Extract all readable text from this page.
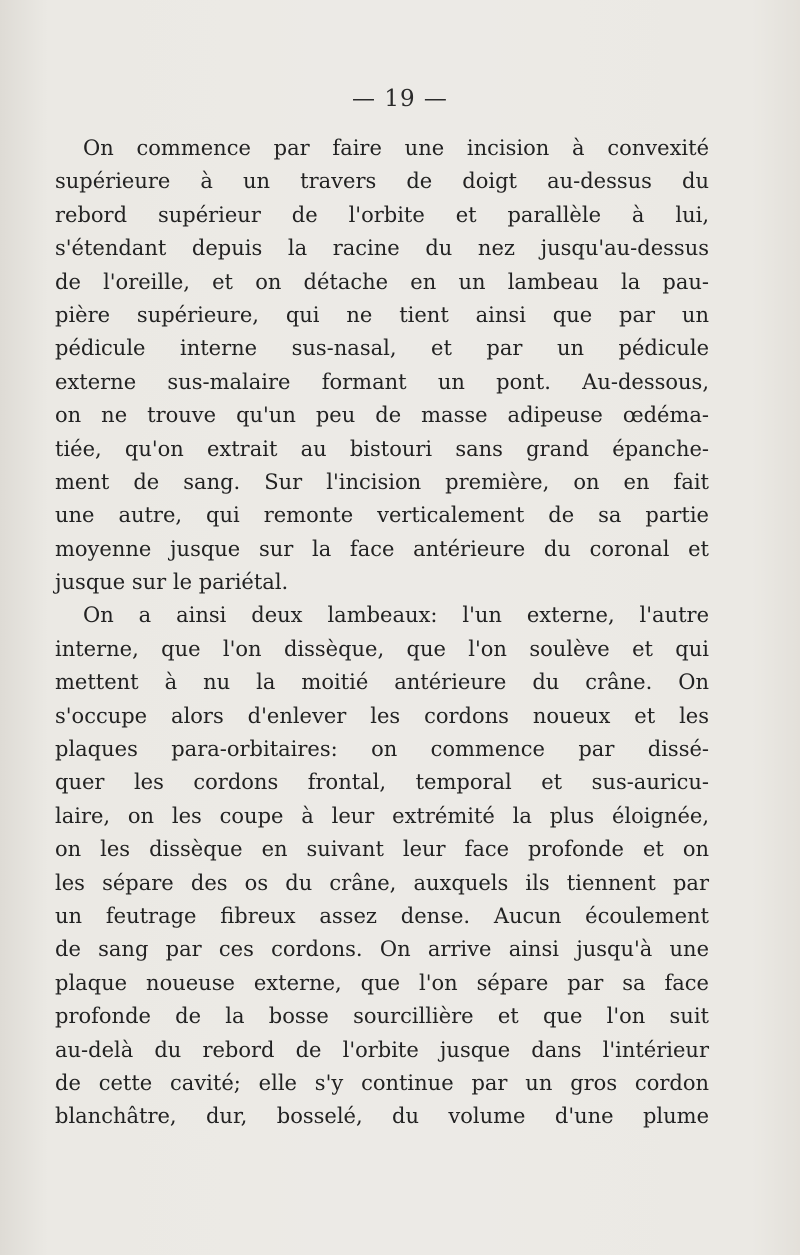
— 19 —
On commence par faire une incision à convexité
supérieure à un travers de doigt au-dessus du
rebord supérieur de l'orbite et parallèle à lui,
s'étendant depuis la racine du nez jusqu'au-dessus
de l'oreille, et on détache en un lambeau la pau-
pière supérieure, qui ne tient ainsi que par un
pédicule interne sus-nasal, et par un pédicule
externe sus-malaire formant un pont. Au-dessous,
on ne trouve qu'un peu de masse adipeuse œdéma-
tiée, qu'on extrait au bistouri sans grand épanche-
ment de sang. Sur l'incision première, on en fait
une autre, qui remonte verticalement de sa partie
moyenne jusque sur la face antérieure du coronal et
jusque sur le pariétal.
On a ainsi deux lambeaux: l'un externe, l'autre
interne, que l'on dissèque, que l'on soulève et qui
mettent à nu la moitié antérieure du crâne. On
s'occupe alors d'enlever les cordons noueux et les
plaques para-orbitaires: on commence par dissé-
quer les cordons frontal, temporal et sus-auricu-
laire, on les coupe à leur extrémité la plus éloignée,
on les dissèque en suivant leur face profonde et on
les sépare des os du crâne, auxquels ils tiennent par
un feutrage fibreux assez dense. Aucun écoulement
de sang par ces cordons. On arrive ainsi jusqu'à une
plaque noueuse externe, que l'on sépare par sa face
profonde de la bosse sourcillière et que l'on suit
au-delà du rebord de l'orbite jusque dans l'intérieur
de cette cavité; elle s'y continue par un gros cordon
blanchâtre, dur, bosselé, du volume d'une plume
